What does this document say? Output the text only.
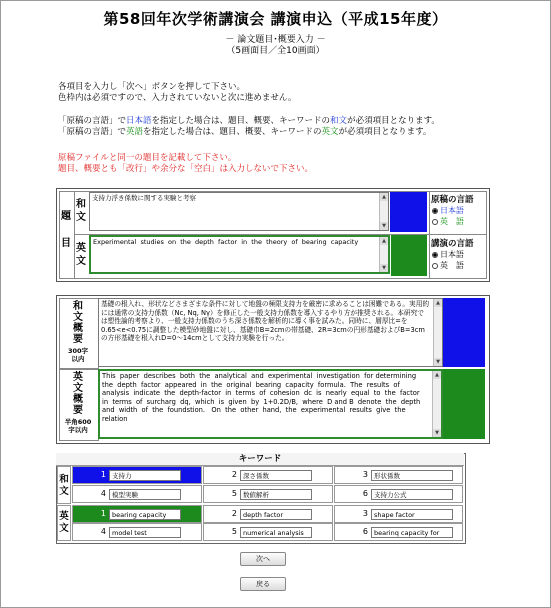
第58回年次学術講演会 講演申込（平成15年度）
－ 論文題目･概要入力 －
（5画面目／全10画面）
各項目を入力し「次へ」ボタンを押して下さい。
色枠内は必須ですので、入力されていないと次に進めません。
「原稿の言語」で日本語を指定した場合は、題目、概要、キーワードの和文が必須項目となります。
「原稿の言語」で英語を指定した場合は、題目、概要、キーワードの英文が必須項目となります。
原稿ファイルと同一の題目を記載して下さい。
題目、概要とも「改行」や余分な「空白」は入力しないで下さい。
題
目
和
文
支持力浮き係数に関する実験と考察	▲
▼
英
文
Experimental  studies  on  the  depth  factor  in  the  theory  of  bearing  capacity	▲
▼
原稿の言語
日本語
英　語
講演の言語
日本語
英　語
和
文
概
要
300字
以内
基礎の根入れ、形状などさまざまな条件に対して地盤の極限支持力を厳密に求めることは困難である。実用的には通常の支持力係数（Nc, Nq, Nγ）を修正した一般支持力係数を導入するやり方が推奨される。本研究では塑性論的考察より、一般支持力係数のうち深さ係数を解析的に導く事を試みた。同時に、層厚比=を0.65<e<0.75に調整した模型砂地盤に対し、基礎巾B=2cmの帯基礎、2R=3cmの円形基礎およびB=3cmの方形基礎を根入れD=0～14cmとして支持力実験を行った。
▲
▼
英
文
概
要
半角600
字以内
This  paper  describes  both  the  analytical  and  experimental  investigation  for determining  the  depth  factor  appeared  in  the  original  bearing  capacity  formula.  The  results  of  analysis  indicate  the  depth-factor  in  terms  of  cohesion  dc  is  nearly  equal  to  the  factor  in  terms  of  surcharg  dq,  which  is  given  by  1+0.2D/B,  where  D and B  denote  the  depth  and  width  of  the  foundstion.   On  the  other  hand,  the  experimental  results  give  the  relation
▲
▼
キーワード
和
文
英
文
1 支持力	2 深さ係数	3 形状係数
4 模型実験	5 数値解析	6 支持力公式
1 bearing capacity	2 depth factor	3 shape factor
4 model test	5 numerical analysis	6 bearinq capacity for
次へ
戻る
